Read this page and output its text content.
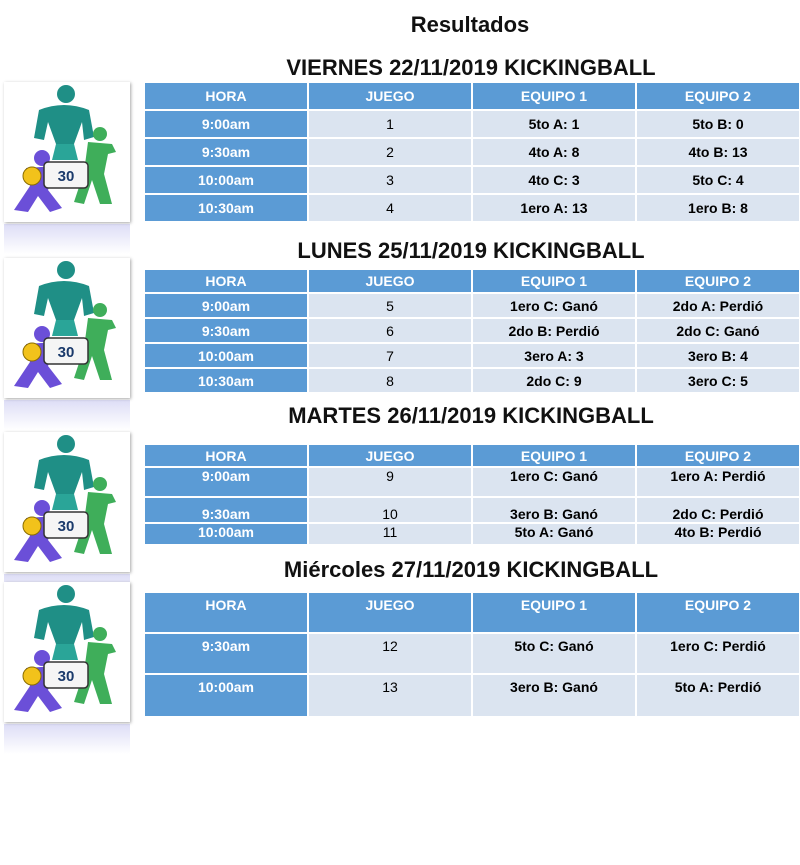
Resultados
30
VIERNES 22/11/2019 KICKINGBALL
HORA	JUEGO	EQUIPO 1	EQUIPO 2
9:00am	1	5to A: 1	5to B: 0
9:30am	2	4to A: 8	4to B: 13
10:00am	3	4to C: 3	5to C: 4
10:30am	4	1ero A: 13	1ero B: 8
30
LUNES 25/11/2019 KICKINGBALL
HORA	JUEGO	EQUIPO 1	EQUIPO 2
9:00am	5	1ero C: Ganó	2do A: Perdió
9:30am	6	2do B: Perdió	2do C: Ganó
10:00am	7	3ero A: 3	3ero B: 4
10:30am	8	2do C: 9	3ero C: 5
30
MARTES 26/11/2019 KICKINGBALL
HORA	JUEGO	EQUIPO 1	EQUIPO 2
9:00am	9	1ero C: Ganó	1ero A: Perdió
9:30am	10	3ero B: Ganó	2do C: Perdió
10:00am	11	5to A: Ganó	4to B: Perdió
30
Miércoles 27/11/2019 KICKINGBALL
HORA	JUEGO	EQUIPO 1	EQUIPO 2
9:30am	12	5to C: Ganó	1ero C: Perdió
10:00am	13	3ero B: Ganó	5to A: Perdió
